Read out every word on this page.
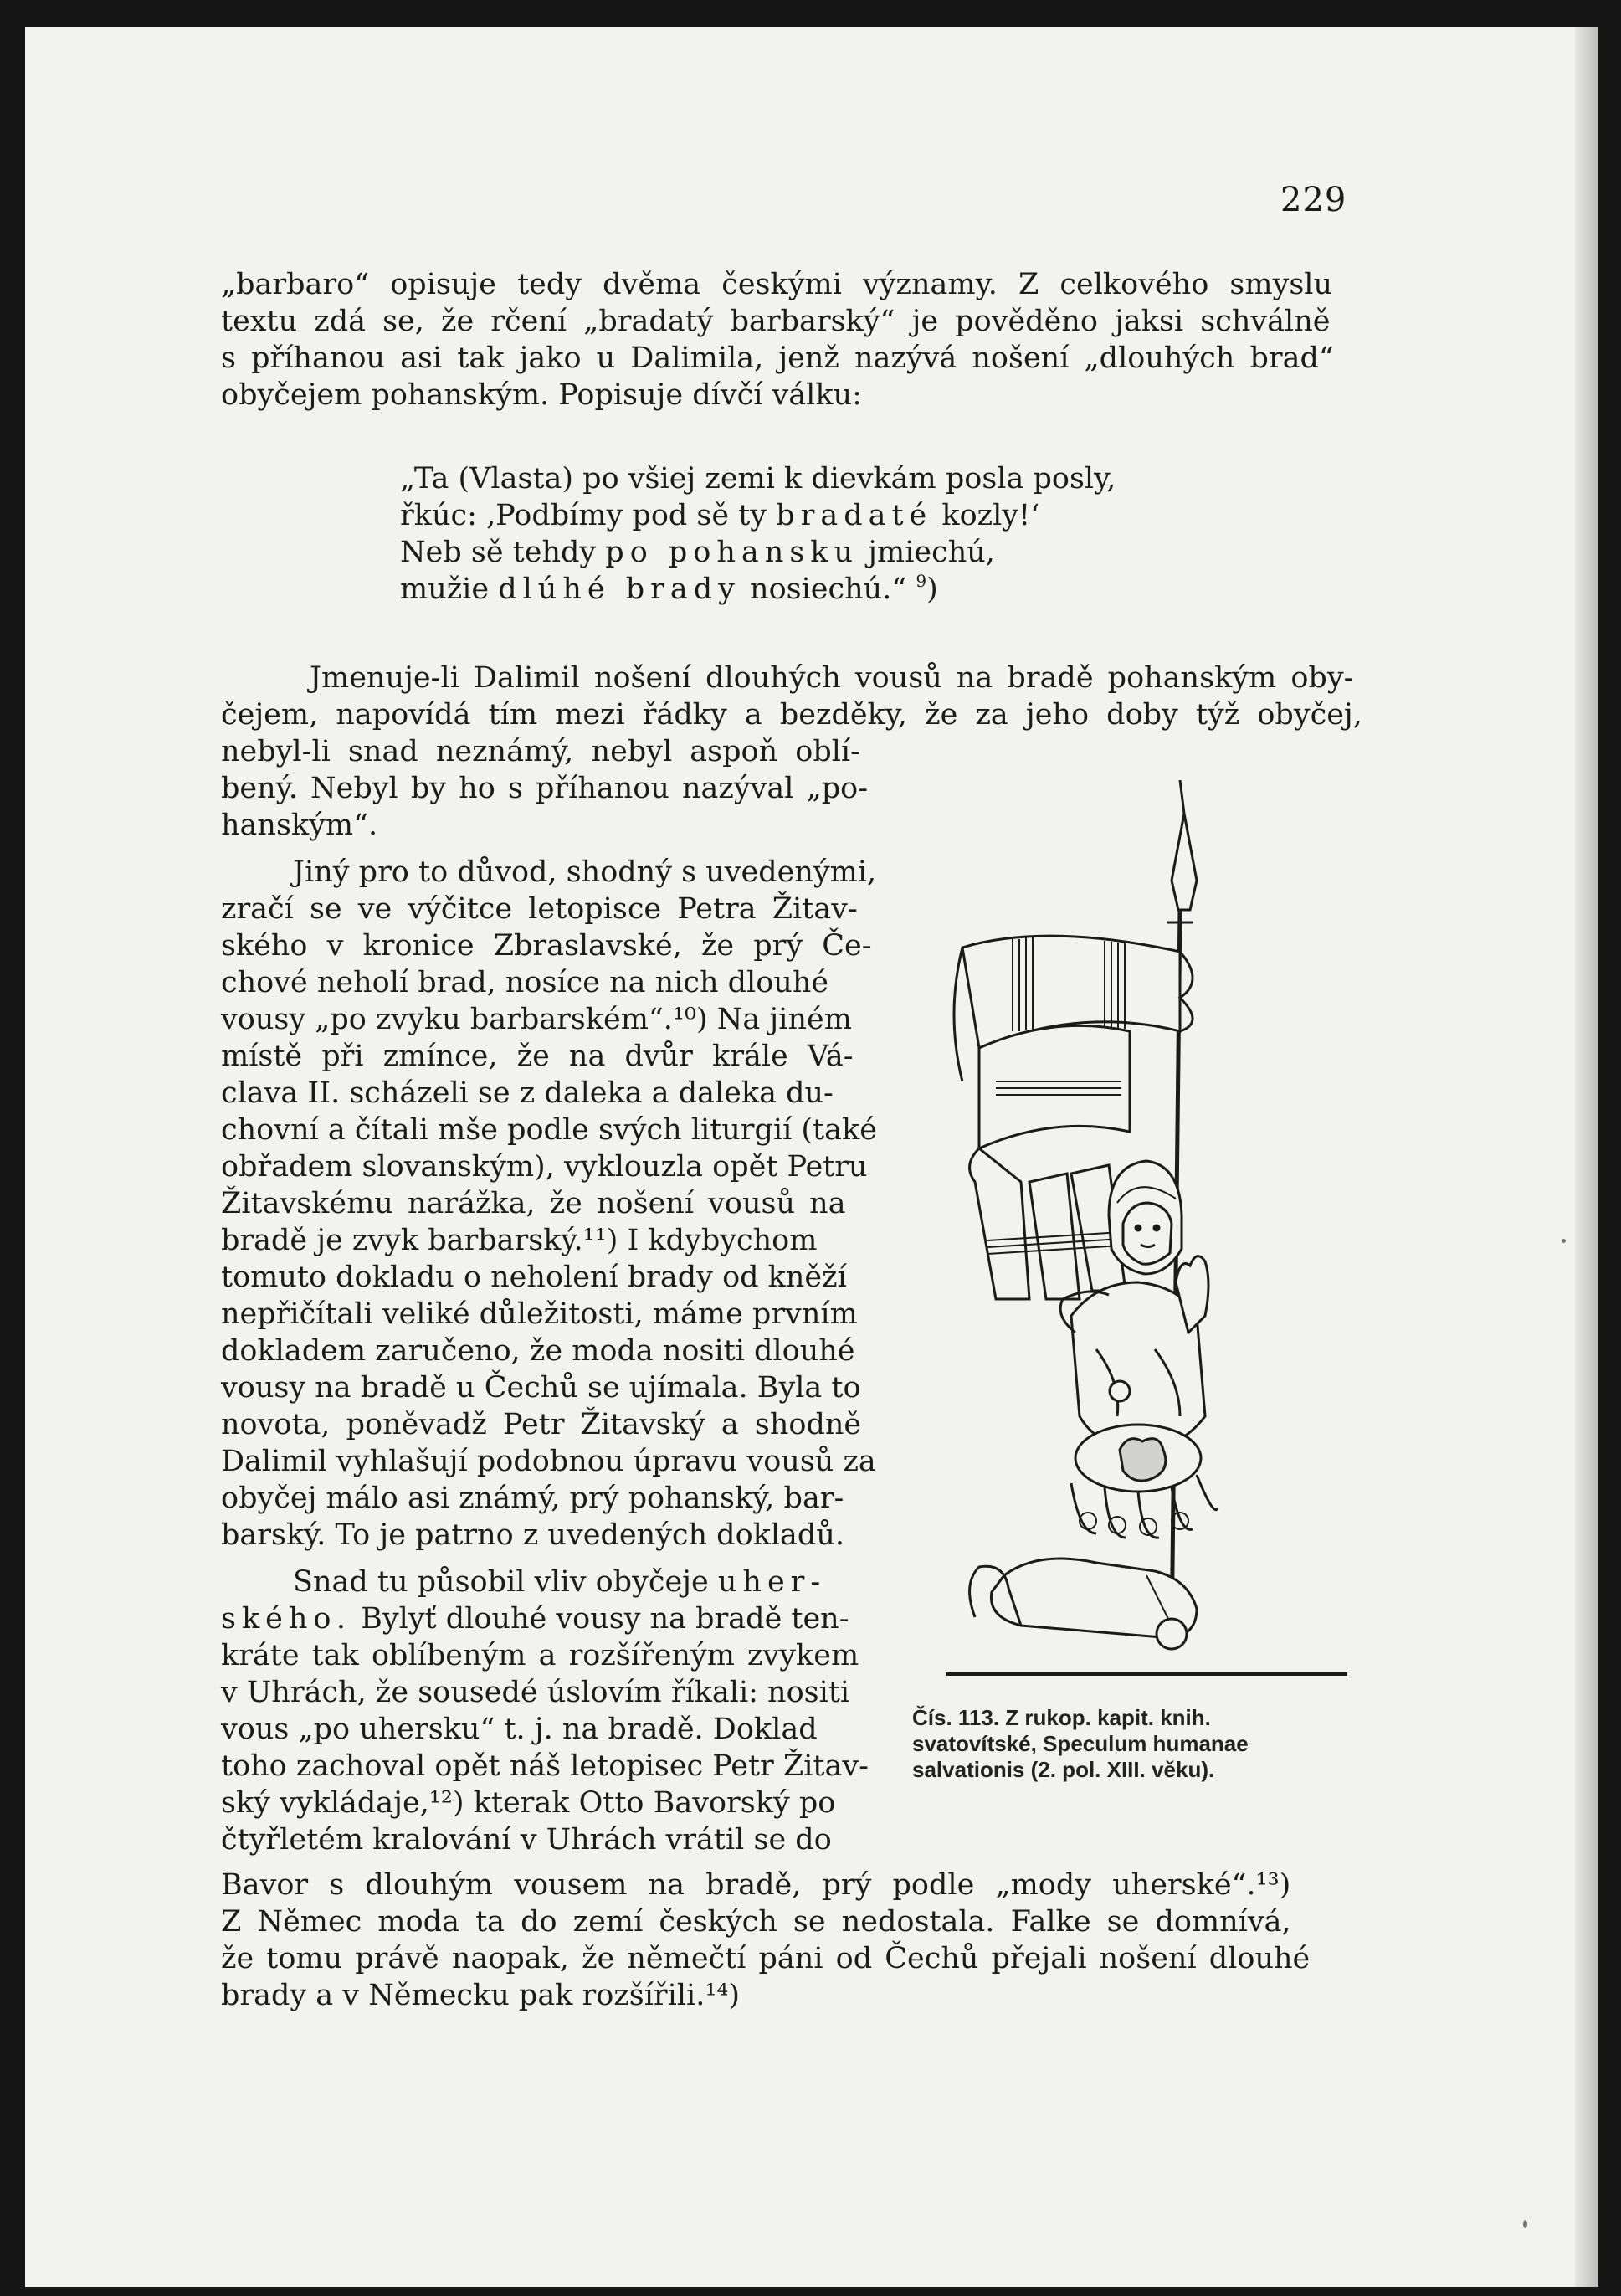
229
„barbaro“ opisuje tedy dvěma českými významy. Z celkového smyslu
textu zdá se, že rčení „bradatý barbarský“ je pověděno jaksi schválně
s příhanou asi tak jako u Dalimila, jenž nazývá nošení „dlouhých brad“
obyčejem pohanským. Popisuje dívčí válku:
„Ta (Vlasta) po všiej zemi k dievkám posla posly,
řkúc: ‚Podbímy pod sě ty bradaté kozly!‘
Neb sě tehdy po pohansku jmiechú,
mužie dlúhé brady nosiechú.“ $^9$)
Jmenuje-li Dalimil nošení dlouhých vousů na bradě pohanským oby-
čejem, napovídá tím mezi řádky a bezděky, že za jeho doby týž obyčej,
nebyl-li snad neznámý, nebyl aspoň oblí-
bený. Nebyl by ho s příhanou nazýval „po-
hanským“.
Jiný pro to důvod, shodný s uvedenými,
zračí se ve výčitce letopisce Petra Žitav-
ského v kronice Zbraslavské, že prý Če-
chové neholí brad, nosíce na nich dlouhé
vousy „po zvyku barbarském“.¹⁰) Na jiném
místě při zmínce, že na dvůr krále Vá-
clava II. scházeli se z daleka a daleka du-
chovní a čítali mše podle svých liturgií (také
obřadem slovanským), vyklouzla opět Petru
Žitavskému narážka, že nošení vousů na
bradě je zvyk barbarský.¹¹) I kdybychom
tomuto dokladu o neholení brady od kněží
nepřičítali veliké důležitosti, máme prvním
dokladem zaručeno, že moda nositi dlouhé
vousy na bradě u Čechů se ujímala. Byla to
novota, poněvadž Petr Žitavský a shodně
Dalimil vyhlašují podobnou úpravu vousů za
obyčej málo asi známý, prý pohanský, bar-
barský. To je patrno z uvedených dokladů.
Snad tu působil vliv obyčeje uher-
ského. Bylyť dlouhé vousy na bradě ten-
kráte tak oblíbeným a rozšířeným zvykem
v Uhrách, že sousedé úslovím říkali: nositi
vous „po uhersku“ t. j. na bradě. Doklad
toho zachoval opět náš letopisec Petr Žitav-
ský vykládaje,¹²) kterak Otto Bavorský po
čtyřletém kralování v Uhrách vrátil se do
Bavor s dlouhým vousem na bradě, prý podle „mody uherské“.¹³)
Z Němec moda ta do zemí českých se nedostala. Falke se domnívá,
že tomu právě naopak, že němečtí páni od Čechů přejali nošení dlouhé
brady a v Německu pak rozšířili.¹⁴)
Čís. 113. Z rukop. kapit. knih.
svatovítské, Speculum humanae
salvationis (2. pol. XIII. věku).
